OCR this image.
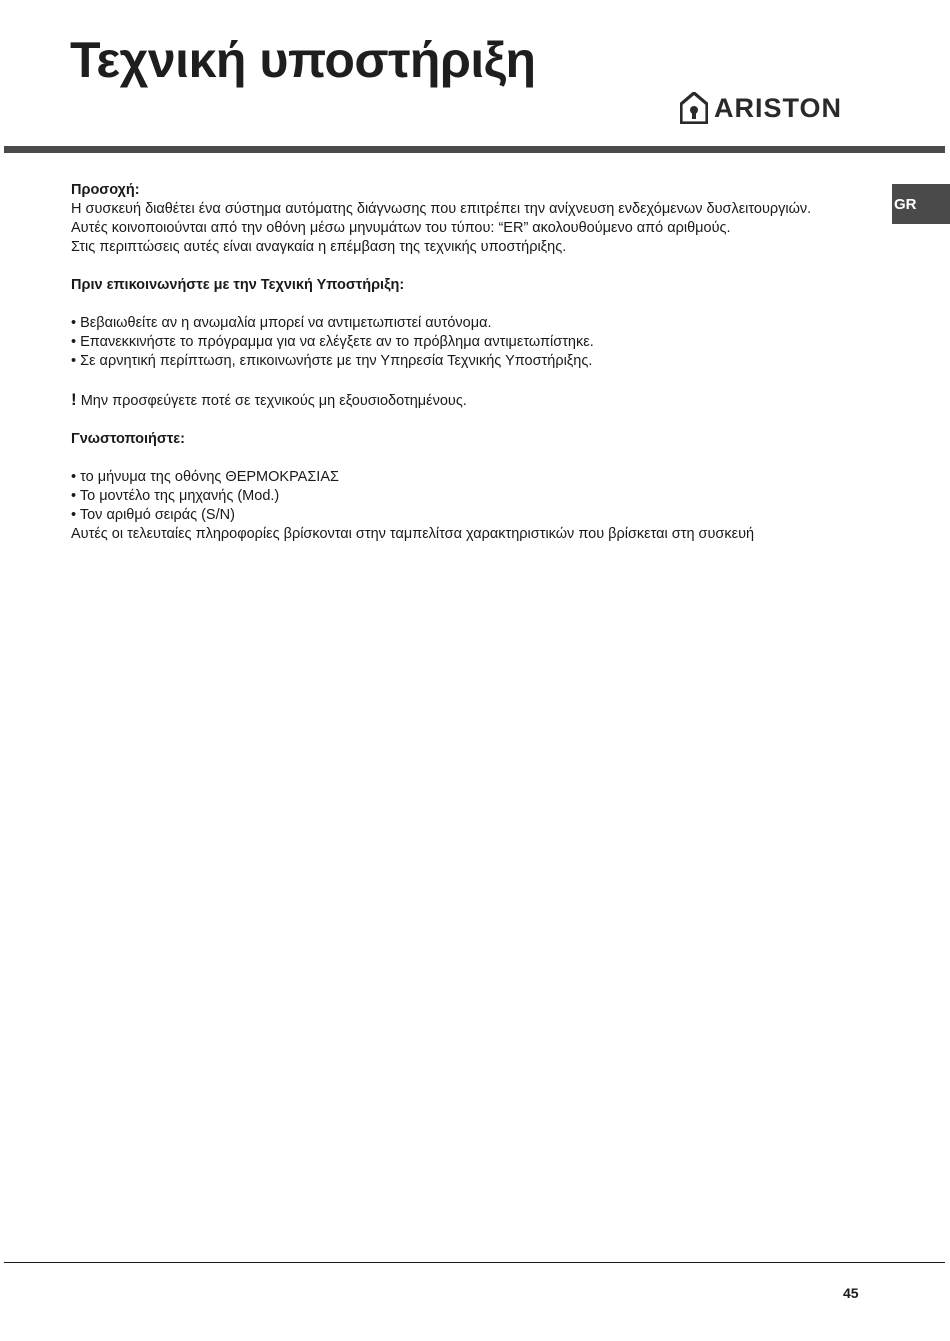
Τεχνική υποστήριξη
ARISTON
GR

Προσοχή:

Η συσκευή διαθέτει ένα σύστημα αυτόματης διάγνωσης που επιτρέπει την ανίχνευση ενδεχόμενων δυσλειτουργιών.

Αυτές κοινοποιούνται από την οθόνη μέσω μηνυμάτων του τύπου: “ER” ακολουθούμενο από αριθμούς.

Στις περιπτώσεις αυτές είναι αναγκαία η επέμβαση της τεχνικής υποστήριξης.

Πριν επικοινωνήστε με την Τεχνική Υποστήριξη:

• Βεβαιωθείτε αν η ανωμαλία μπορεί να αντιμετωπιστεί αυτόνομα.

• Επανεκκινήστε το πρόγραμμα για να ελέγξετε αν το πρόβλημα αντιμετωπίστηκε.

• Σε αρνητική περίπτωση, επικοινωνήστε με την Υπηρεσία Τεχνικής Υποστήριξης.

! Μην προσφεύγετε ποτέ σε τεχνικούς μη εξουσιοδοτημένους.

Γνωστοποιήστε:

• το μήνυμα της οθόνης ΘΕΡΜΟΚΡΑΣΙΑΣ

• Το μοντέλο της μηχανής (Mod.)

• Τον αριθμό σειράς (S/N)

Αυτές οι τελευταίες πληροφορίες βρίσκονται στην ταμπελίτσα χαρακτηριστικών που βρίσκεται στη συσκευή

45
